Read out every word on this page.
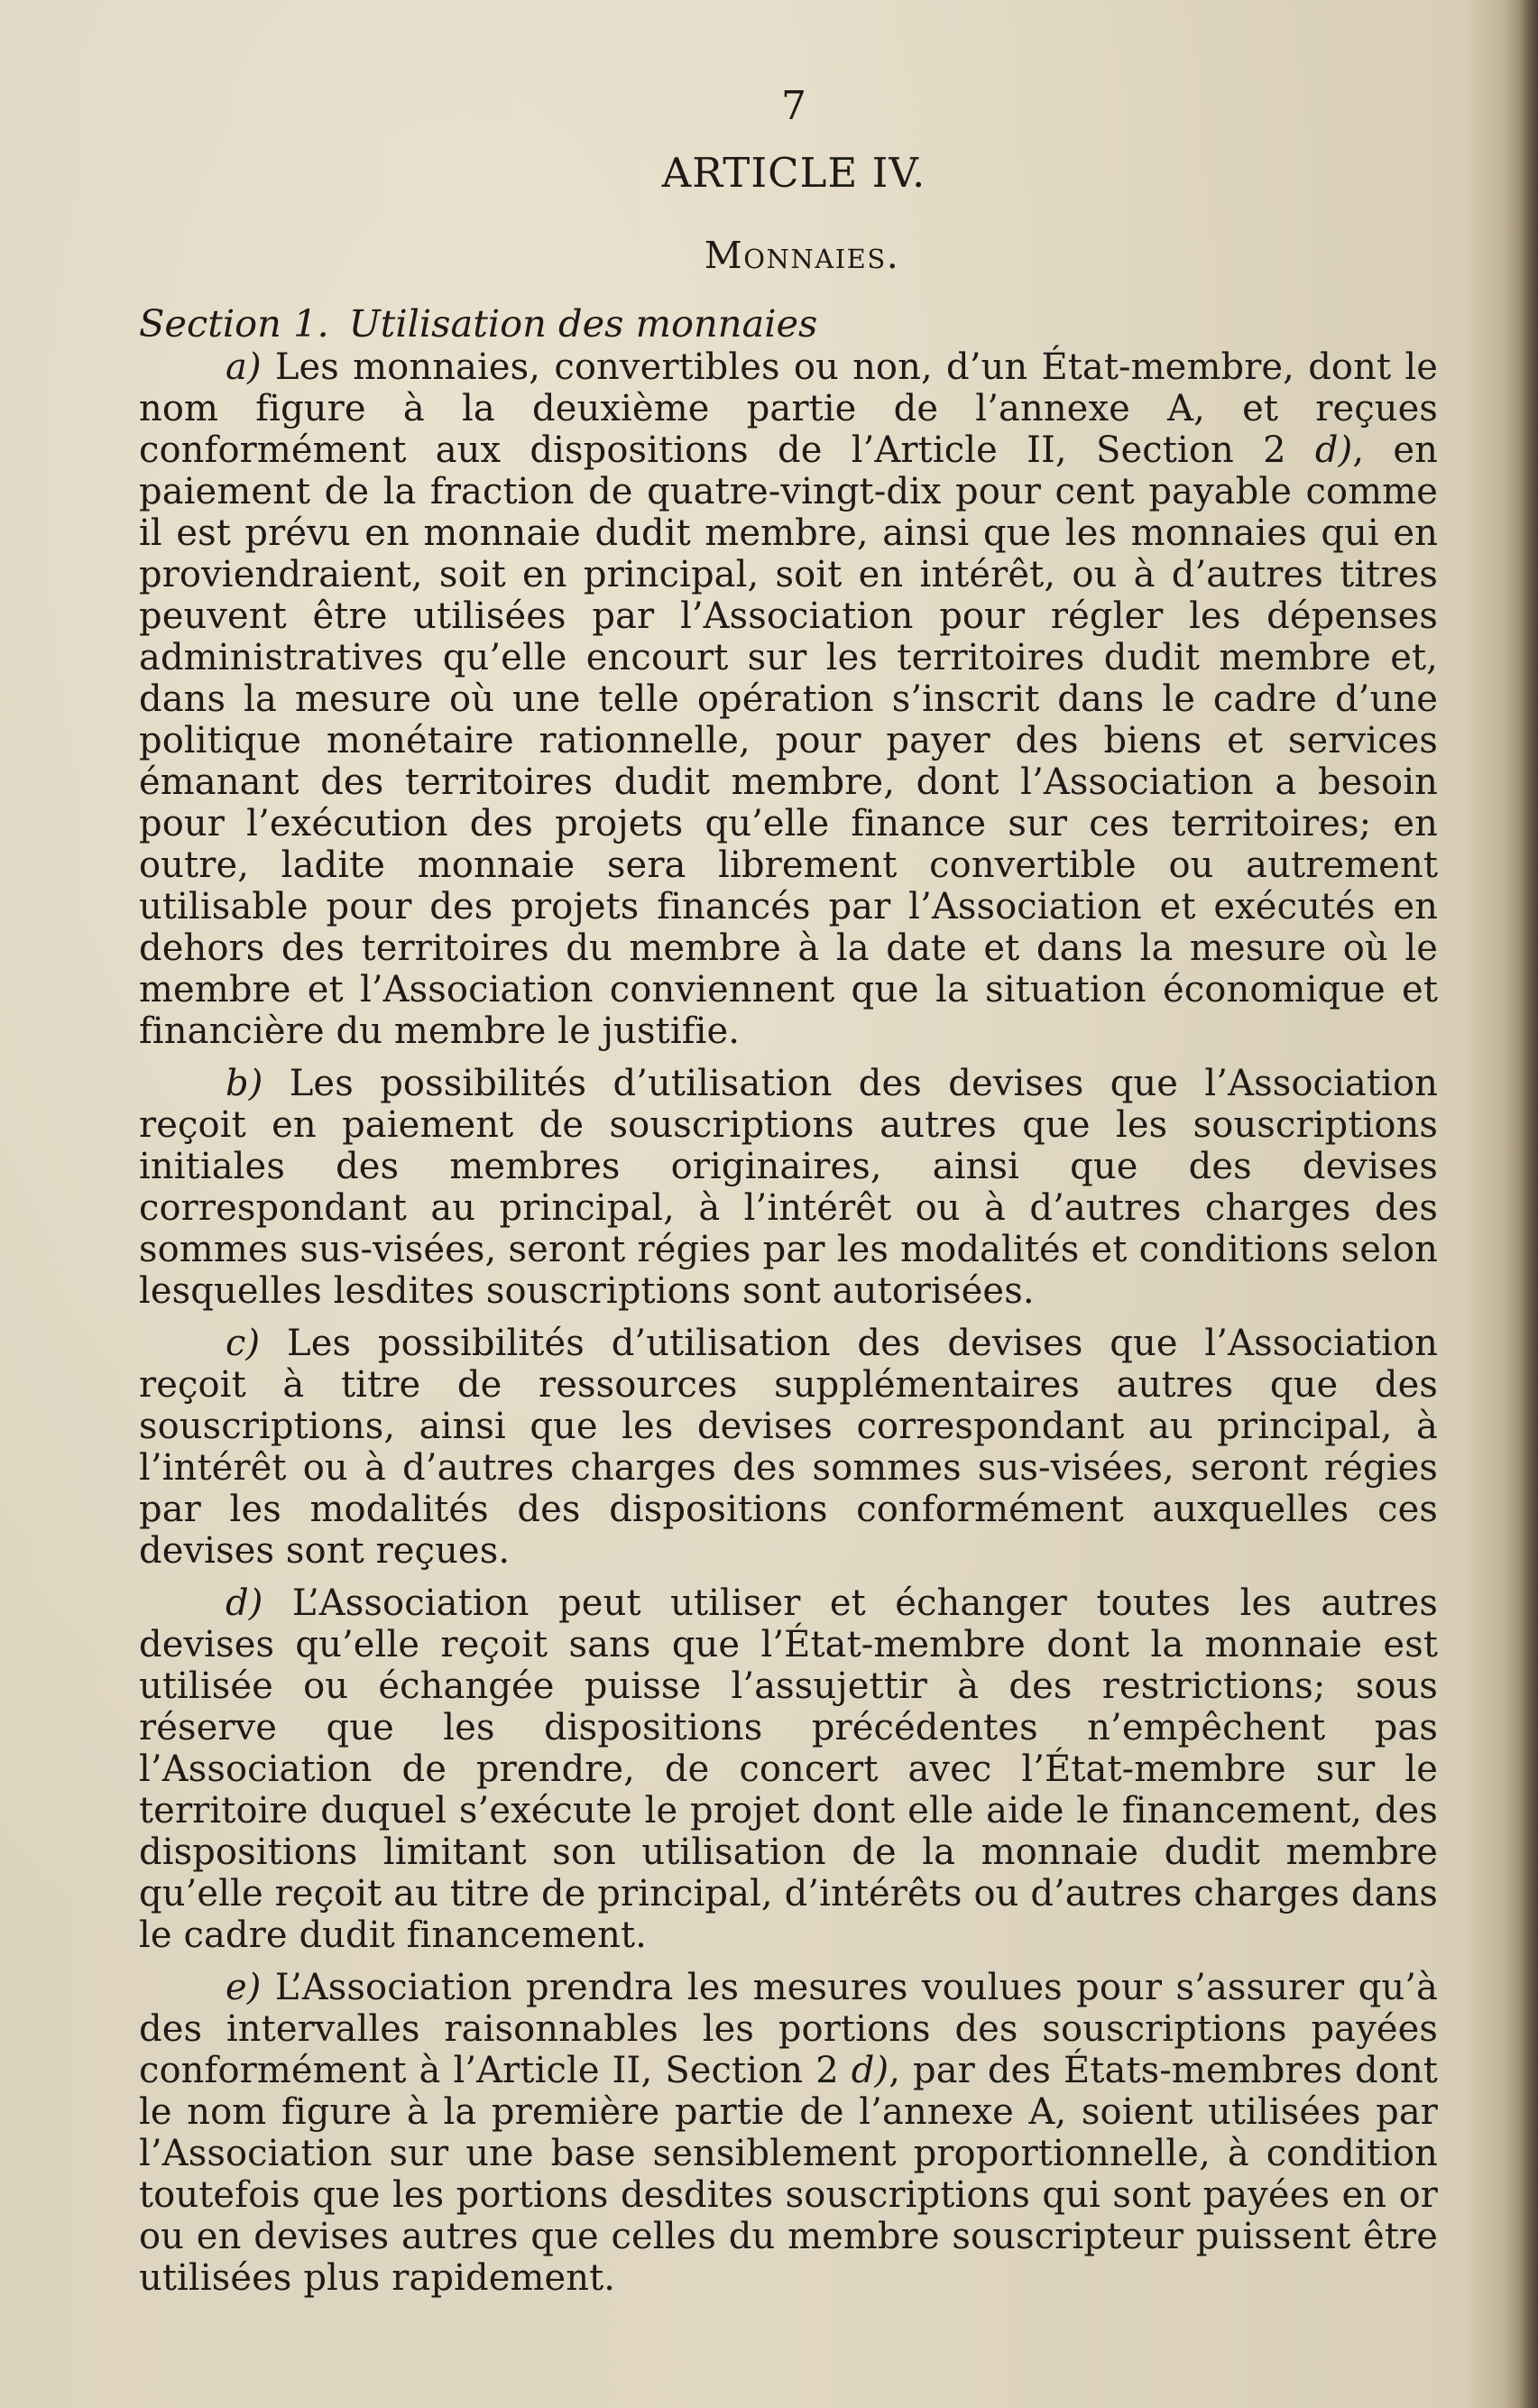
7
ARTICLE IV.
Monnaies.
Section 1. Utilisation des monnaies

a) Les monnaies, convertibles ou non, d’un État-membre, dont le nom figure à la deuxième partie de l’annexe A, et reçues conformément aux dispositions de l’Article II, Section 2 d), en paiement de la fraction de quatre-vingt-dix pour cent payable comme il est prévu en monnaie dudit membre, ainsi que les monnaies qui en proviendraient, soit en principal, soit en intérêt, ou à d’autres titres peuvent être utilisées par l’Association pour régler les dépenses administratives qu’elle encourt sur les territoires dudit membre et, dans la mesure où une telle opération s’inscrit dans le cadre d’une politique monétaire rationnelle, pour payer des biens et services émanant des territoires dudit membre, dont l’Association a besoin pour l’exécution des projets qu’elle finance sur ces territoires; en outre, ladite monnaie sera librement convertible ou autrement utilisable pour des projets financés par l’Association et exécutés en dehors des territoires du membre à la date et dans la mesure où le membre et l’Association conviennent que la situation économique et financière du membre le justifie.

b) Les possibilités d’utilisation des devises que l’Association reçoit en paiement de souscriptions autres que les souscriptions initiales des membres originaires, ainsi que des devises correspondant au principal, à l’intérêt ou à d’autres charges des sommes sus-visées, seront régies par les modalités et conditions selon lesquelles lesdites souscriptions sont autorisées.

c) Les possibilités d’utilisation des devises que l’Association reçoit à titre de ressources supplémentaires autres que des souscriptions, ainsi que les devises correspondant au principal, à l’intérêt ou à d’autres charges des sommes sus-visées, seront régies par les modalités des dispositions conformément auxquelles ces devises sont reçues.

d) L’Association peut utiliser et échanger toutes les autres devises qu’elle reçoit sans que l’État-membre dont la monnaie est utilisée ou échangée puisse l’assujettir à des restrictions; sous réserve que les dispositions précédentes n’empêchent pas l’Association de prendre, de concert avec l’État-membre sur le territoire duquel s’exécute le projet dont elle aide le financement, des dispositions limitant son utilisation de la monnaie dudit membre qu’elle reçoit au titre de principal, d’intérêts ou d’autres charges dans le cadre dudit financement.

e) L’Association prendra les mesures voulues pour s’assurer qu’à des intervalles raisonnables les portions des souscriptions payées conformément à l’Article II, Section 2 d), par des États-membres dont le nom figure à la première partie de l’annexe A, soient utilisées par l’Association sur une base sensiblement proportionnelle, à condition toutefois que les portions desdites souscriptions qui sont payées en or ou en devises autres que celles du membre souscripteur puissent être utilisées plus rapidement.
